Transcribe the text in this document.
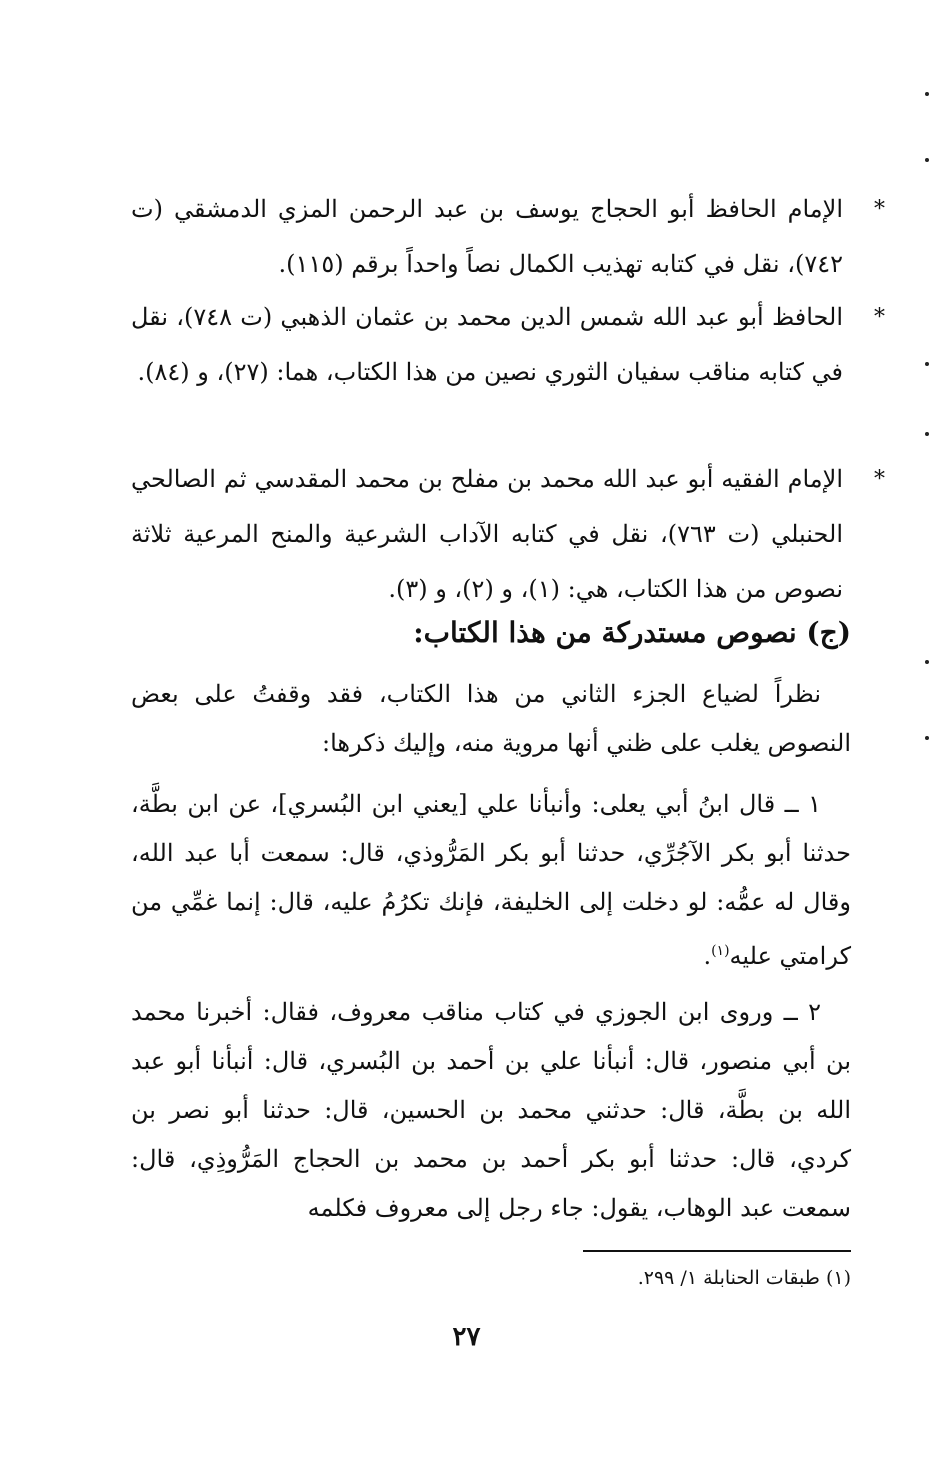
*
الإمام الحافظ أبو الحجاج يوسف بن عبد الرحمن المزي الدمشقي (ت ٧٤٢)، نقل في كتابه تهذيب الكمال نصاً واحداً برقم (١١٥).
*
الحافظ أبو عبد الله شمس الدين محمد بن عثمان الذهبي (ت ٧٤٨)، نقل في كتابه مناقب سفيان الثوري نصين من هذا الكتاب، هما: (٢٧)، و (٨٤).
*
الإمام الفقيه أبو عبد الله محمد بن مفلح بن محمد المقدسي ثم الصالحي الحنبلي (ت ٧٦٣)، نقل في كتابه الآداب الشرعية والمنح المرعية ثلاثة نصوص من هذا الكتاب، هي: (١)، و (٢)، و (٣).
(ج) نصوص مستدركة من هذا الكتاب:
نظراً لضياع الجزء الثاني من هذا الكتاب، فقد وقفتُ على بعض النصوص يغلب على ظني أنها مروية منه، وإليك ذكرها:
١ ــ قال ابنُ أبي يعلى: وأنبأنا علي [يعني ابن البُسري]، عن ابن بطَّة، حدثنا أبو بكر الآجُرِّي، حدثنا أبو بكر المَرُّوذي، قال: سمعت أبا عبد الله، وقال له عمُّه: لو دخلت إلى الخليفة، فإنك تكرُمُ عليه، قال: إنما غمِّي من كرامتي عليه$^{(١)}$.
٢ ــ وروى ابن الجوزي في كتاب مناقب معروف، فقال: أخبرنا محمد بن أبي منصور، قال: أنبأنا علي بن أحمد بن البُسري، قال: أنبأنا أبو عبد الله بن بطَّة، قال: حدثني محمد بن الحسين، قال: حدثنا أبو نصر بن كردي، قال: حدثنا أبو بكر أحمد بن محمد بن الحجاج المَرُّوذِي، قال: سمعت عبد الوهاب، يقول: جاء رجل إلى معروف فكلمه
(١) طبقات الحنابلة ١/ ٢٩٩.
٢٧
